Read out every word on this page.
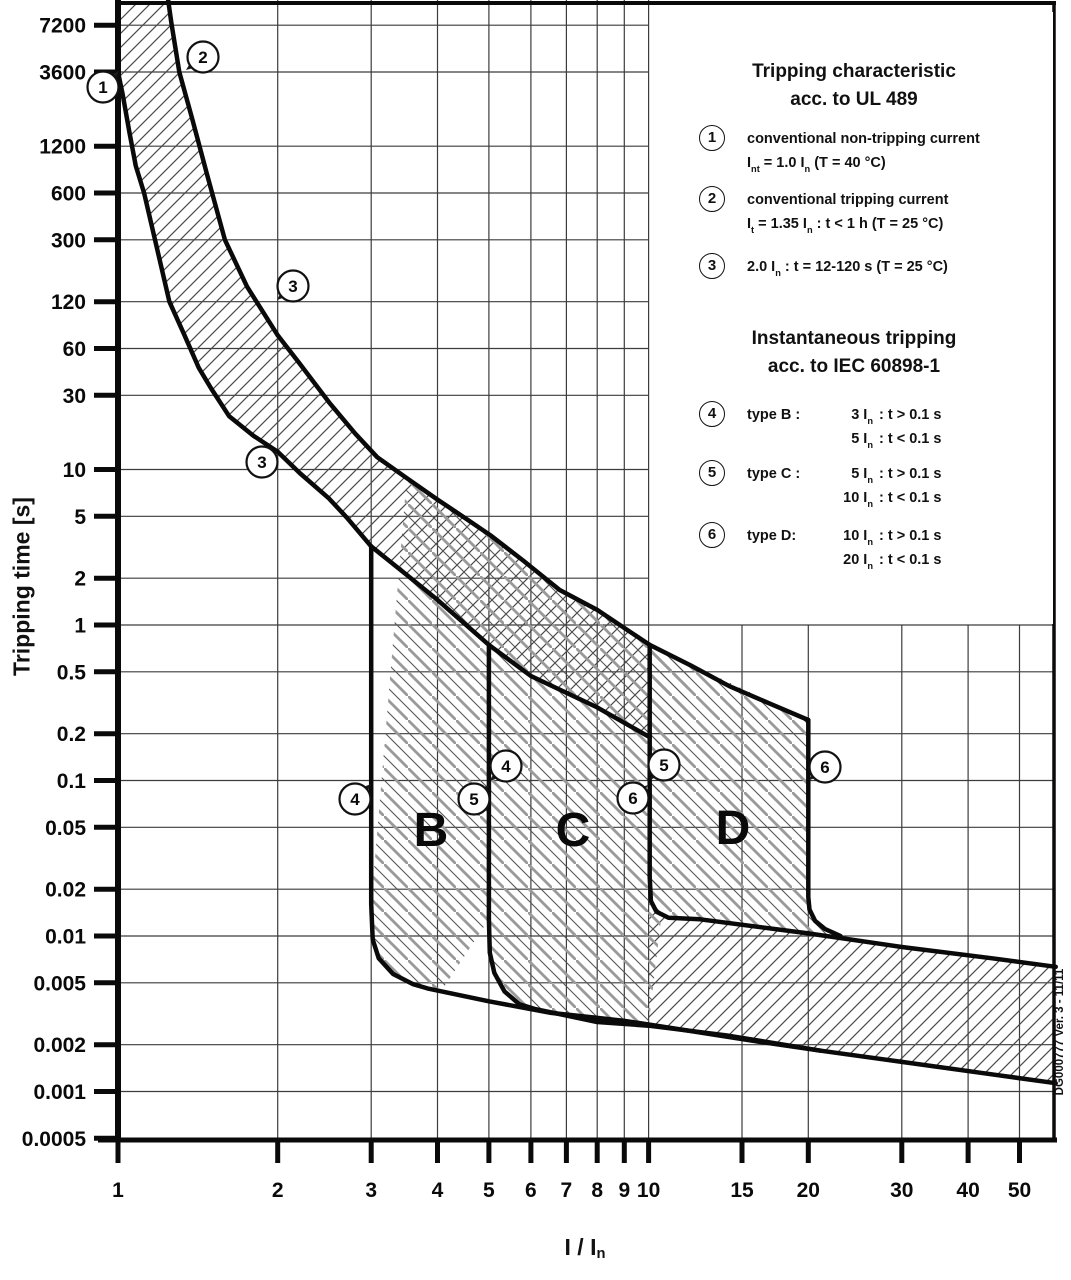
7200
3600
1200
600
300
120
60
30
10
5
2
1
0.5
0.2
0.1
0.05
0.02
0.01
0.005
0.002
0.001
0.0005
1	2	3	4 5 6 7 8 9 10	15 20	30 40 50
B C	D
1
2
3
3
4
4
5
5
6
6
Tripping time [s]
I / $I_n$
DG000777 Ver. 3 - 11/11
Tripping characteristic
acc. to UL 489
1	conventional non-tripping current
$I_{nt} = 1.0$ $I_n$ (T = 40 °C)
2	conventional tripping current
$I_t = 1.35$ $I_n$ : t < 1 h (T = 25 °C)
3	2.0 $I_n$ : t = 12-120 s (T = 25 °C)
Instantaneous tripping
acc. to IEC 60898-1
4	type B :	3 $I_n$ : t > 0.1 s
5 $I_n$ : t < 0.1 s
5	type C :	5 $I_n$ : t > 0.1 s
10 $I_n$ : t < 0.1 s
6	type D:	10 $I_n$ : t > 0.1 s
20 $I_n$ : t < 0.1 s
